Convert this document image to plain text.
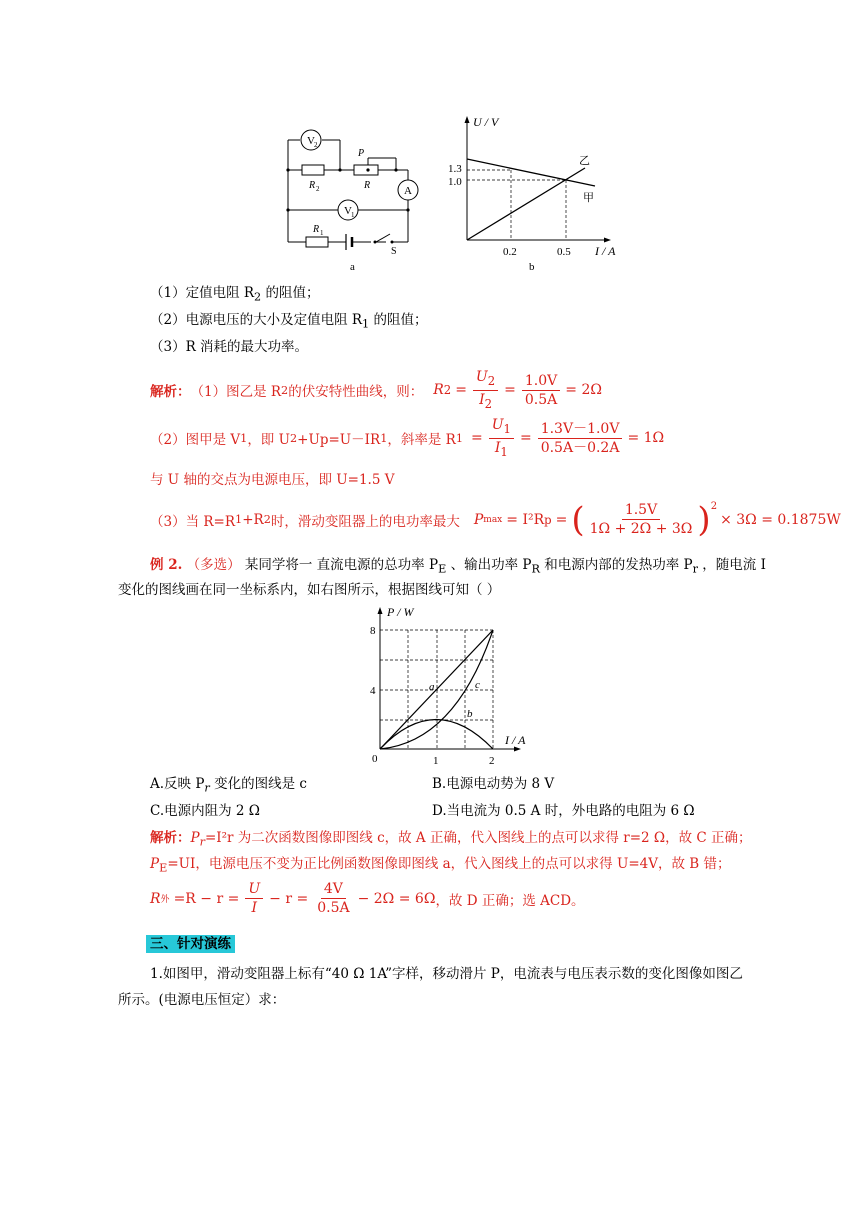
V 2
V 1
A
R 2	R
P
R 1
S
a
U / V
I / A
1.3
1.0
0.2	0.5
乙
甲
b
（1）定值电阻 $R_2$ 的阻值；
（2）电源电压的大小及定值电阻 $R_1$ 的阻值；
（3）R 消耗的最大功率。
解析： （1）图乙是 R 2 的伏安特性曲线，则： R $2 = \frac{U_2}{I_2} = \frac{1.0V}{0.5A} = 2\Omega$
（2）图甲是 V 1 ，即 U 2 +Up=U－IR 1 ，斜率是 R $1 = \frac{U_1}{I_1} = \frac{1.3V-1.0V}{0.5A-0.2A} = 1\Omega$
与 U 轴的交点为电源电压，即 U=1.5 V
（3）当 R=R 1 +R 2 时，滑动变阻器上的电功率最大 P max = I²R p = ( $\frac{1.5V}{1\Omega + 2\Omega + 3\Omega} )^2$
× 3Ω = 0.1875W
例 2. （多选） 某同学将一 直流电源的总功率 $P_E$ 、输出功率 $P_R$ 和电源内部的发热功率 $P_r$ ，随电流 I
变化的图线画在同一坐标系内，如右图所示，根据图线可知（ ）
P / W
I / A
8
4
1	2
0
a	c
b
A.反映 $P_r$ 变化的图线是 c	B.电源电动势为 8 V
C.电源内阻为 2 Ω	D.当电流为 0.5 A 时，外电路的电阻为 6 Ω
解析：$P_r=I^2r$ 为二次函数图像即图线 c，故 A 正确，代入图线上的点可以求得 r=2 Ω，故 C 正确；
$P_E=UI$，电源电压不变为正比例函数图像即图线 a，代入图线上的点可以求得 U=4V，故 B 错；
R 外 $=R - r = \frac{U}{I} - r = \frac{4V}{0.5A} - 2\Omega = 6\Omega$ ，故 D 正确；选 ACD。
三、针对演练
1.如图甲，滑动变阻器上标有“40 Ω 1A”字样，移动滑片 P，电流表与电压表示数的变化图像如图乙
所示。(电源电压恒定）求：
